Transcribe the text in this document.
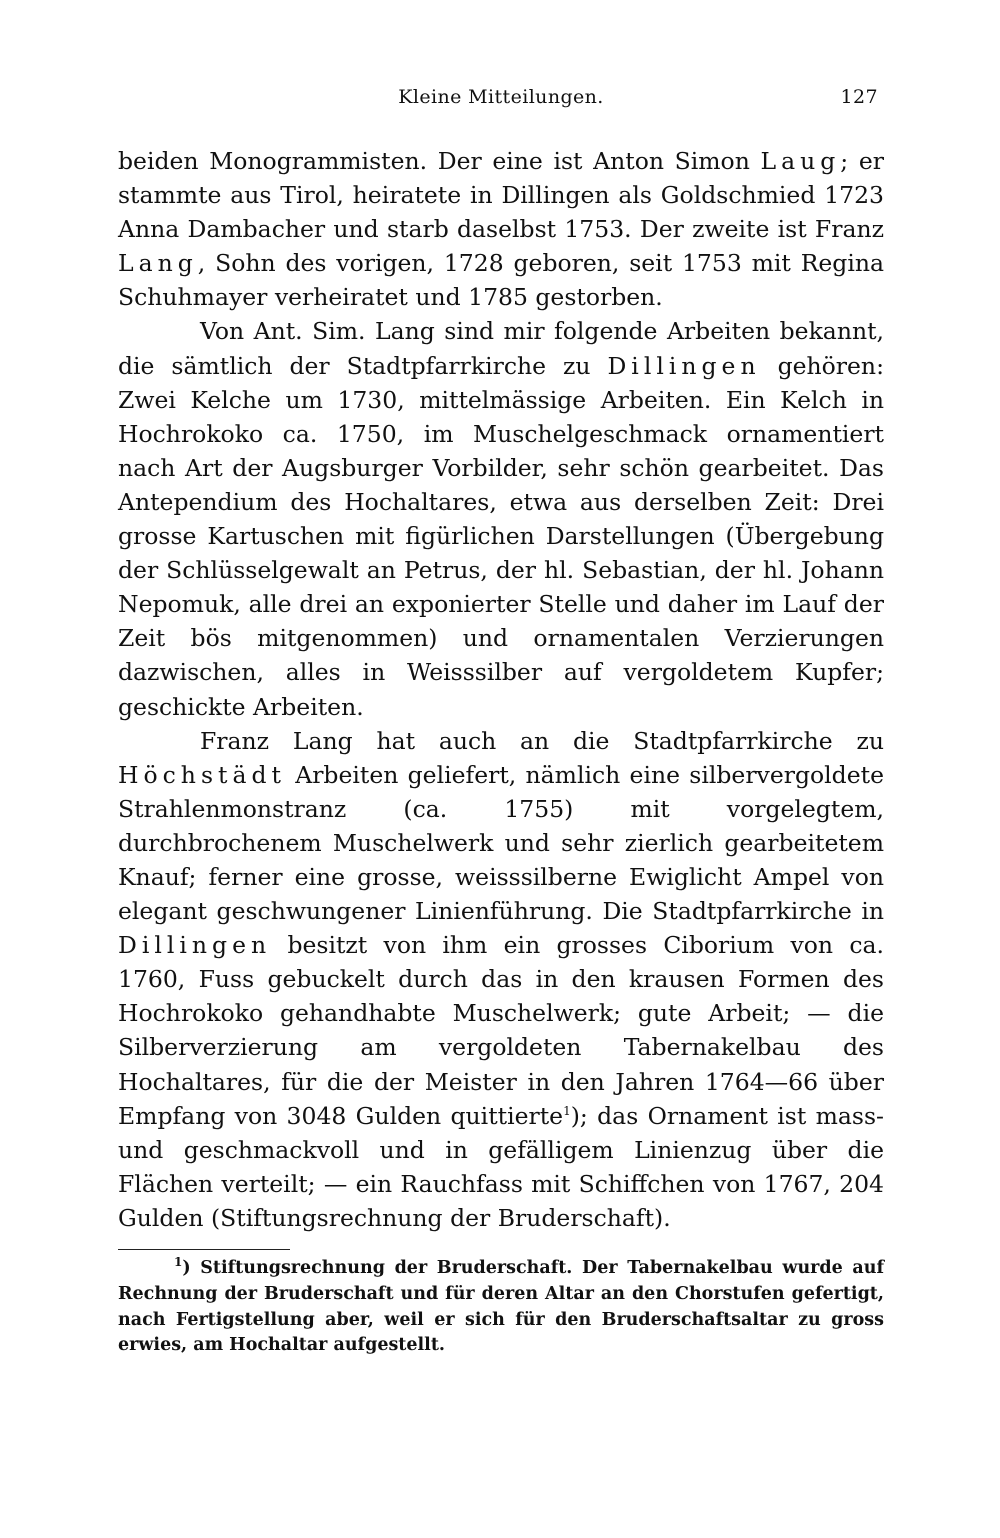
Kleine Mitteilungen.	127

beiden Monogrammisten. Der eine ist Anton Simon Laug; er stammte aus Tirol, heiratete in Dillingen als Goldschmied 1723 Anna Dambacher und starb daselbst 1753. Der zweite ist Franz Lang, Sohn des vorigen, 1728 geboren, seit 1753 mit Regina Schuhmayer verheiratet und 1785 gestorben.

Von Ant. Sim. Lang sind mir folgende Arbeiten bekannt, die sämtlich der Stadtpfarrkirche zu Dillingen gehören: Zwei Kelche um 1730, mittelmässige Arbeiten. Ein Kelch in Hochrokoko ca. 1750, im Muschelgeschmack ornamentiert nach Art der Augsburger Vorbilder, sehr schön gearbeitet. Das Antependium des Hochaltares, etwa aus derselben Zeit: Drei grosse Kartuschen mit figürlichen Darstellungen (Übergebung der Schlüsselgewalt an Petrus, der hl. Sebastian, der hl. Johann Nepomuk, alle drei an exponierter Stelle und daher im Lauf der Zeit bös mitgenommen) und ornamentalen Verzierungen dazwischen, alles in Weisssilber auf vergoldetem Kupfer; geschickte Arbeiten.

Franz Lang hat auch an die Stadtpfarrkirche zu Höchstädt Arbeiten geliefert, nämlich eine silbervergoldete Strahlenmonstranz (ca. 1755) mit vorgelegtem, durchbrochenem Muschelwerk und sehr zierlich gearbeitetem Knauf; ferner eine grosse, weisssilberne Ewiglicht Ampel von elegant geschwungener Linienführung. Die Stadtpfarrkirche in Dillingen besitzt von ihm ein grosses Ciborium von ca. 1760, Fuss gebuckelt durch das in den krausen Formen des Hochrokoko gehandhabte Muschelwerk; gute Arbeit; — die Silberverzierung am vergoldeten Tabernakelbau des Hochaltares, für die der Meister in den Jahren 1764—66 über Empfang von 3048 Gulden quittierte$^1$); das Ornament ist mass- und geschmackvoll und in gefälligem Linienzug über die Flächen verteilt; — ein Rauchfass mit Schiffchen von 1767, 204 Gulden (Stiftungsrechnung der Bruderschaft).

$^1$) Stiftungsrechnung der Bruderschaft. Der Tabernakelbau wurde auf Rechnung der Bruderschaft und für deren Altar an den Chorstufen gefertigt, nach Fertigstellung aber, weil er sich für den Bruderschaftsaltar zu gross erwies, am Hochaltar aufgestellt.
